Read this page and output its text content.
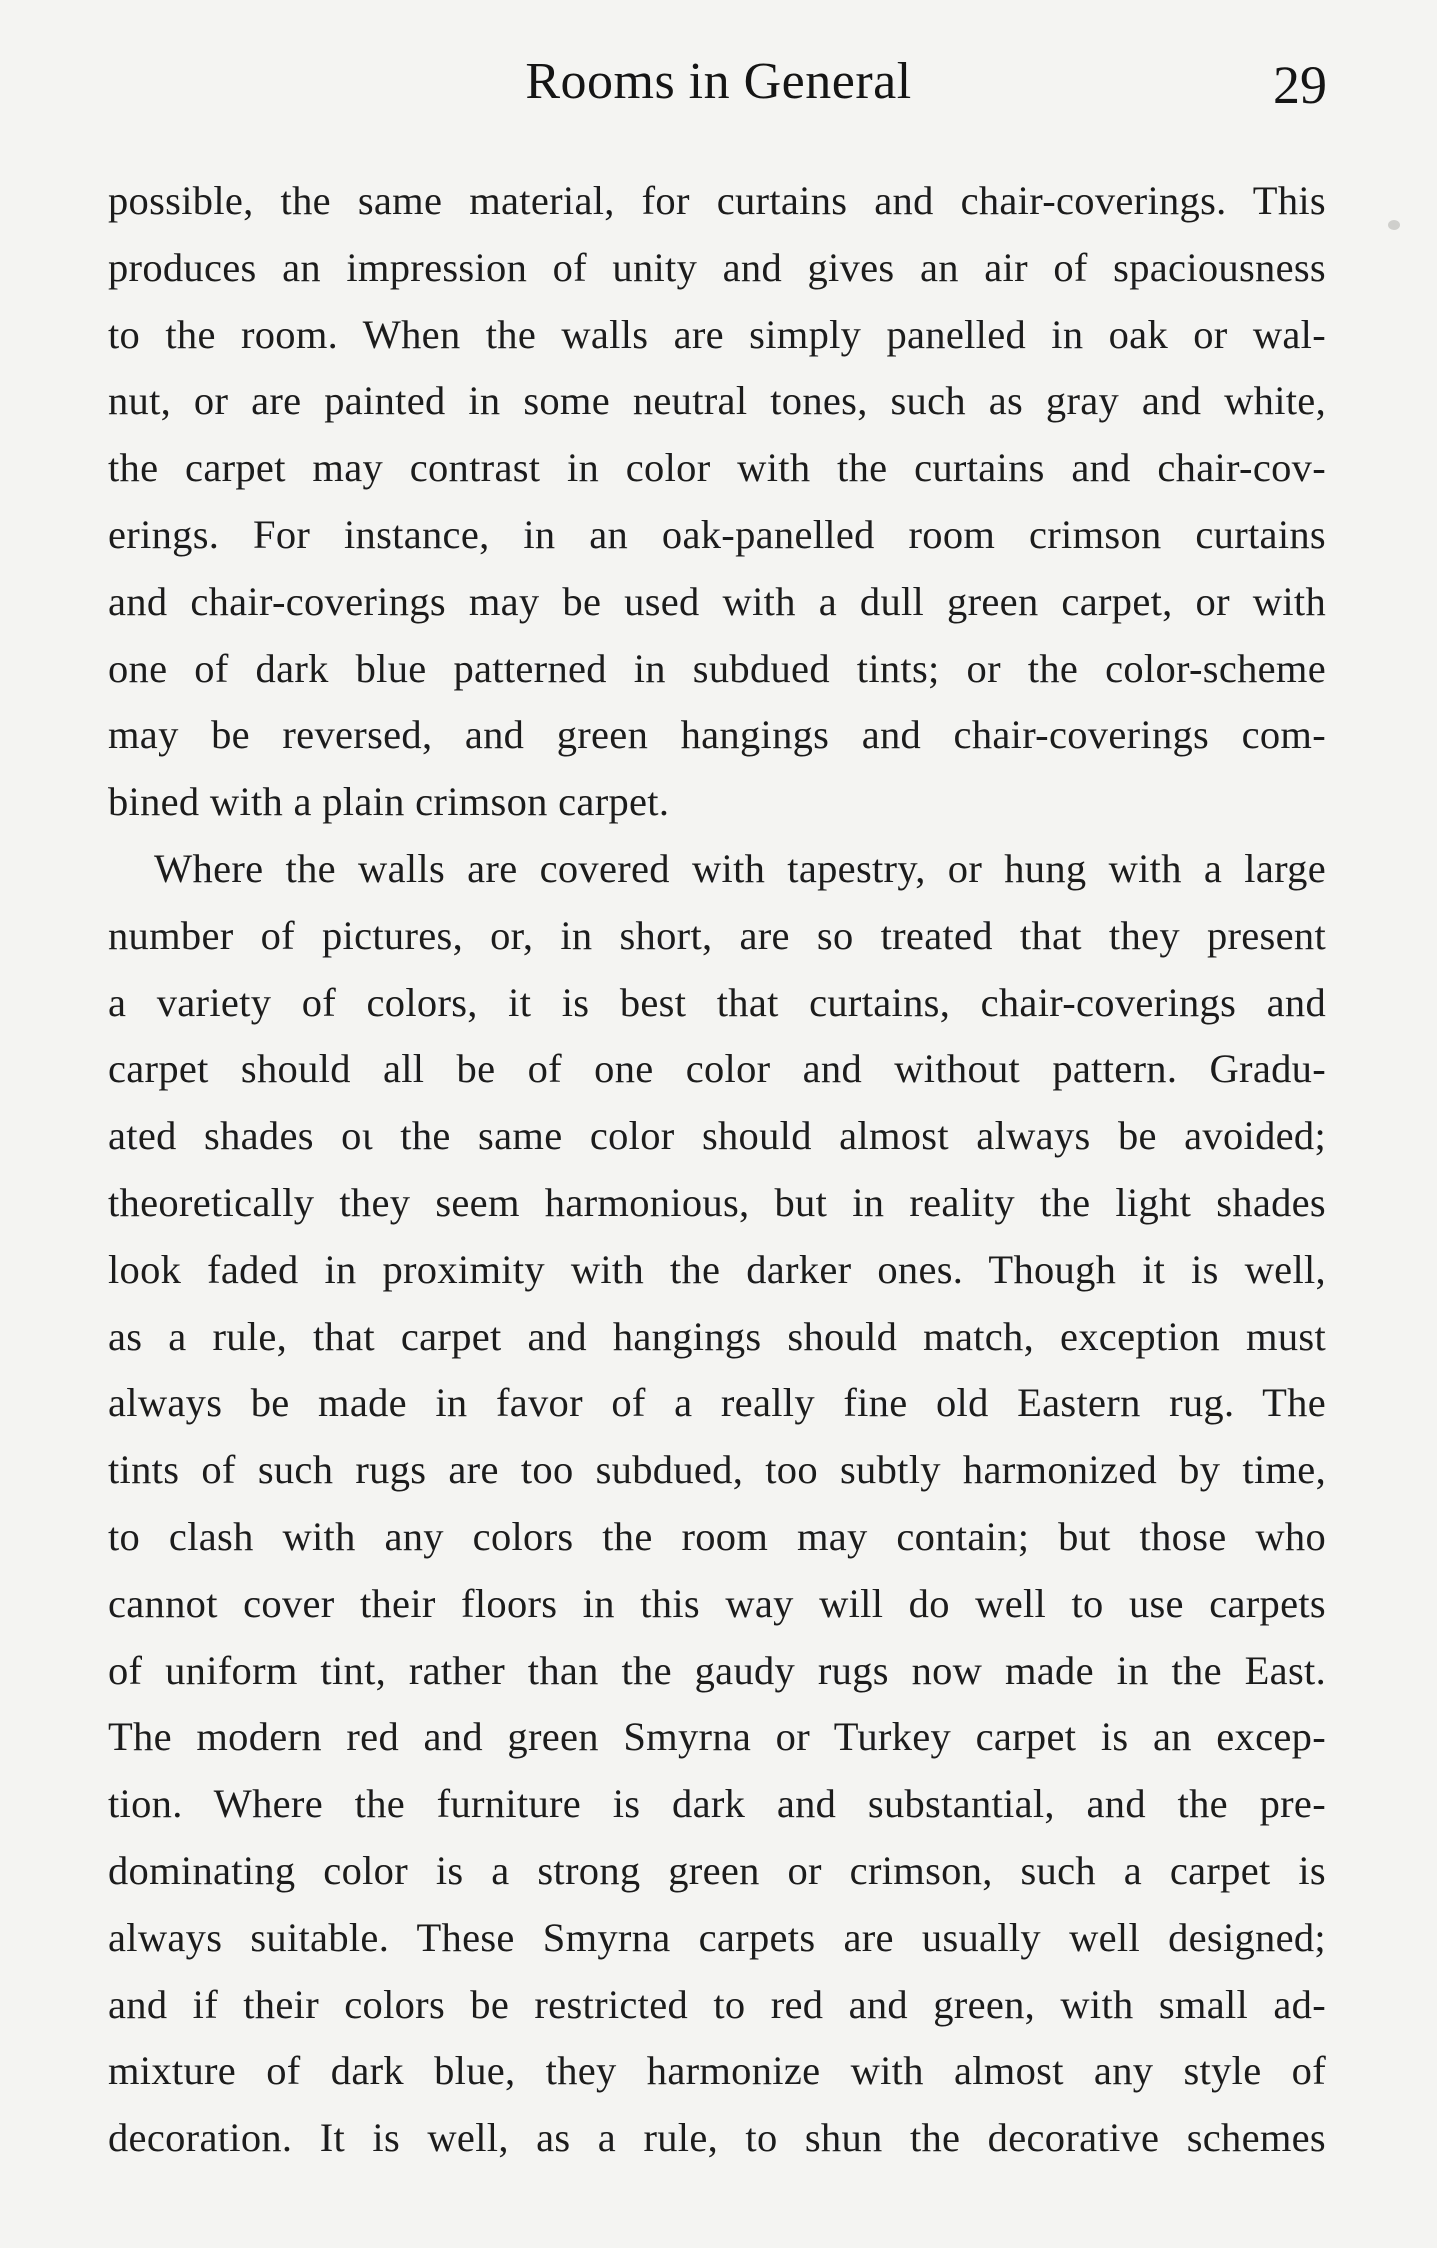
Rooms in General	29
possible, the same material, for curtains and chair-coverings. This
produces an impression of unity and gives an air of spaciousness
to the room. When the walls are simply panelled in oak or wal-
nut, or are painted in some neutral tones, such as gray and white,
the carpet may contrast in color with the curtains and chair-cov-
erings. For instance, in an oak-panelled room crimson curtains
and chair-coverings may be used with a dull green carpet, or with
one of dark blue patterned in subdued tints; or the color-scheme
may be reversed, and green hangings and chair-coverings com-
bined with a plain crimson carpet.
Where the walls are covered with tapestry, or hung with a large
number of pictures, or, in short, are so treated that they present
a variety of colors, it is best that curtains, chair-coverings and
carpet should all be of one color and without pattern. Gradu-
ated shades oι the same color should almost always be avoided;
theoretically they seem harmonious, but in reality the light shades
look faded in proximity with the darker ones. Though it is well,
as a rule, that carpet and hangings should match, exception must
always be made in favor of a really fine old Eastern rug. The
tints of such rugs are too subdued, too subtly harmonized by time,
to clash with any colors the room may contain; but those who
cannot cover their floors in this way will do well to use carpets
of uniform tint, rather than the gaudy rugs now made in the East.
The modern red and green Smyrna or Turkey carpet is an excep-
tion. Where the furniture is dark and substantial, and the pre-
dominating color is a strong green or crimson, such a carpet is
always suitable. These Smyrna carpets are usually well designed;
and if their colors be restricted to red and green, with small ad-
mixture of dark blue, they harmonize with almost any style of
decoration. It is well, as a rule, to shun the decorative schemes
